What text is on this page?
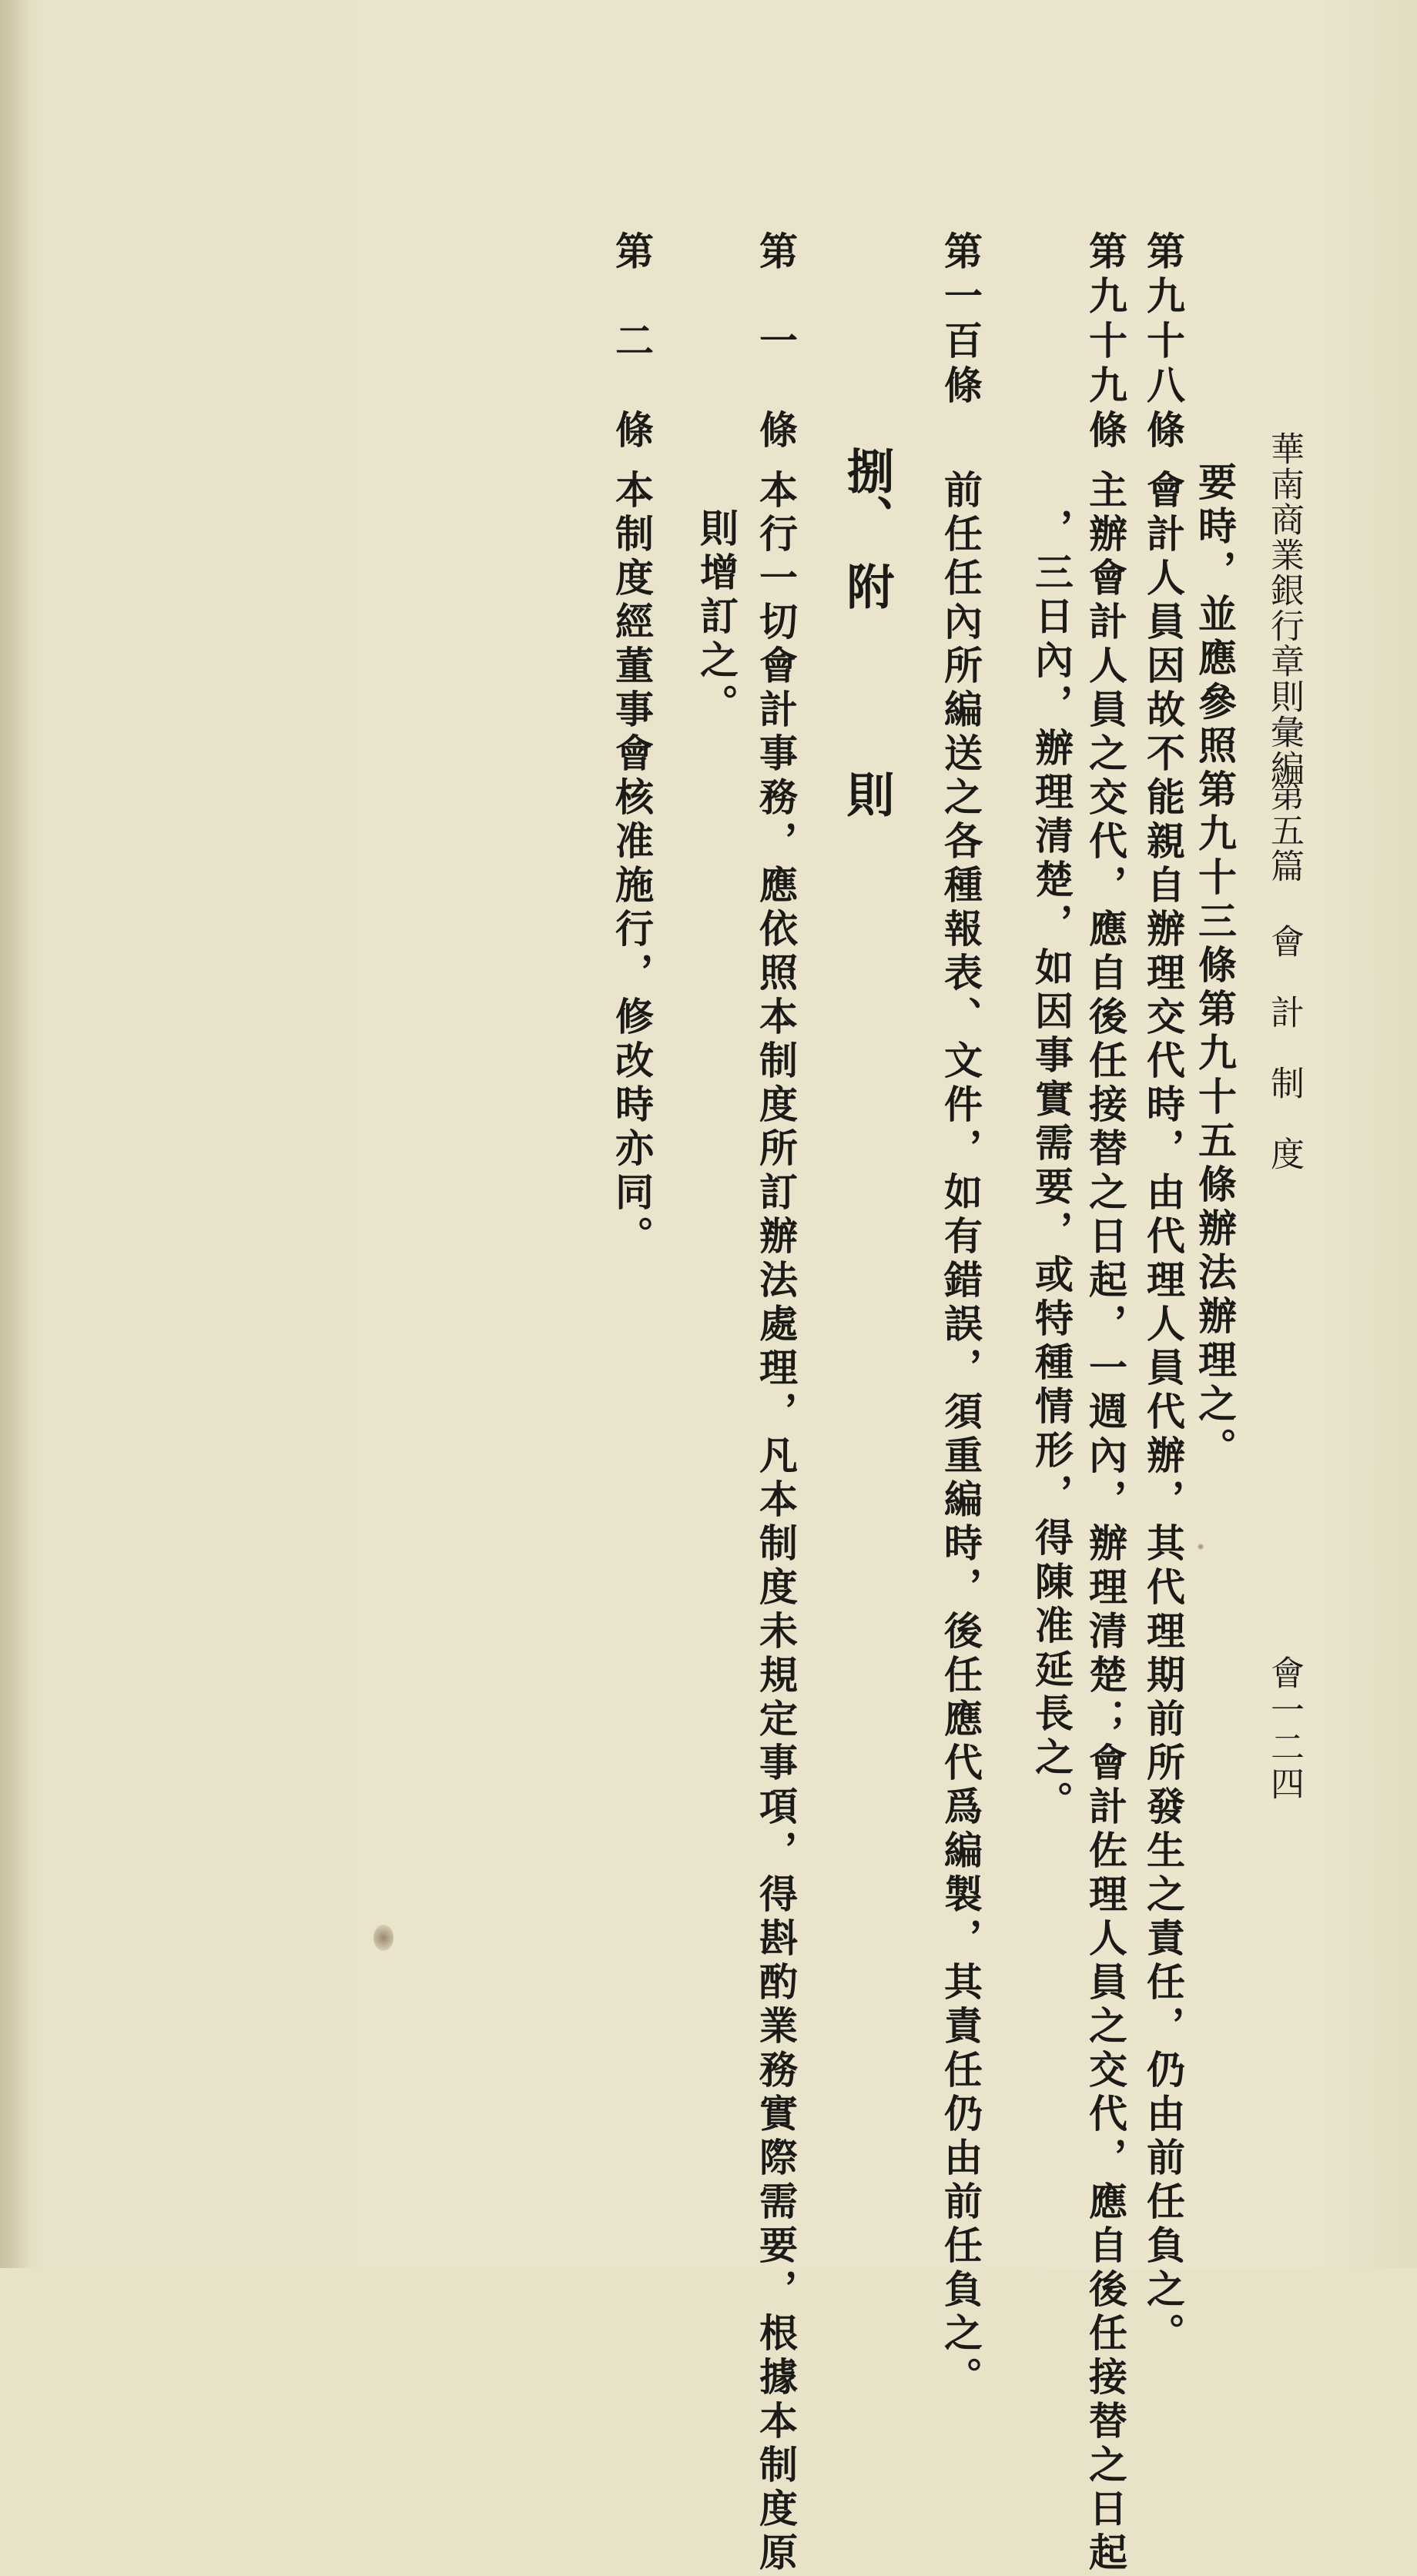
華南商業銀行章則彙編
第五篇
會　計　制　度
會一二四
要時，並應參照第九十三條第九十五條辦法辦理之。
第九十八條
會計人員因故不能親自辦理交代時，由代理人員代辦，其代理期前所發生之責任，仍由前任負之。
第九十九條
主辦會計人員之交代，應自後任接替之日起，一週內，辦理清楚；會計佐理人員之交代，應自後任接替之日起
，三日內，辦理清楚，如因事實需要，或特種情形，得陳准延長之。
第一百條
前任任內所編送之各種報表、文件，如有錯誤，須重編時，後任應代爲編製，其責任仍由前任負之。
捌、
附
則
第　一　條
本行一切會計事務，應依照本制度所訂辦法處理，凡本制度未規定事項，得斟酌業務實際需要，根據本制度原
則增訂之。
第　二　條
本制度經董事會核准施行，修改時亦同。
